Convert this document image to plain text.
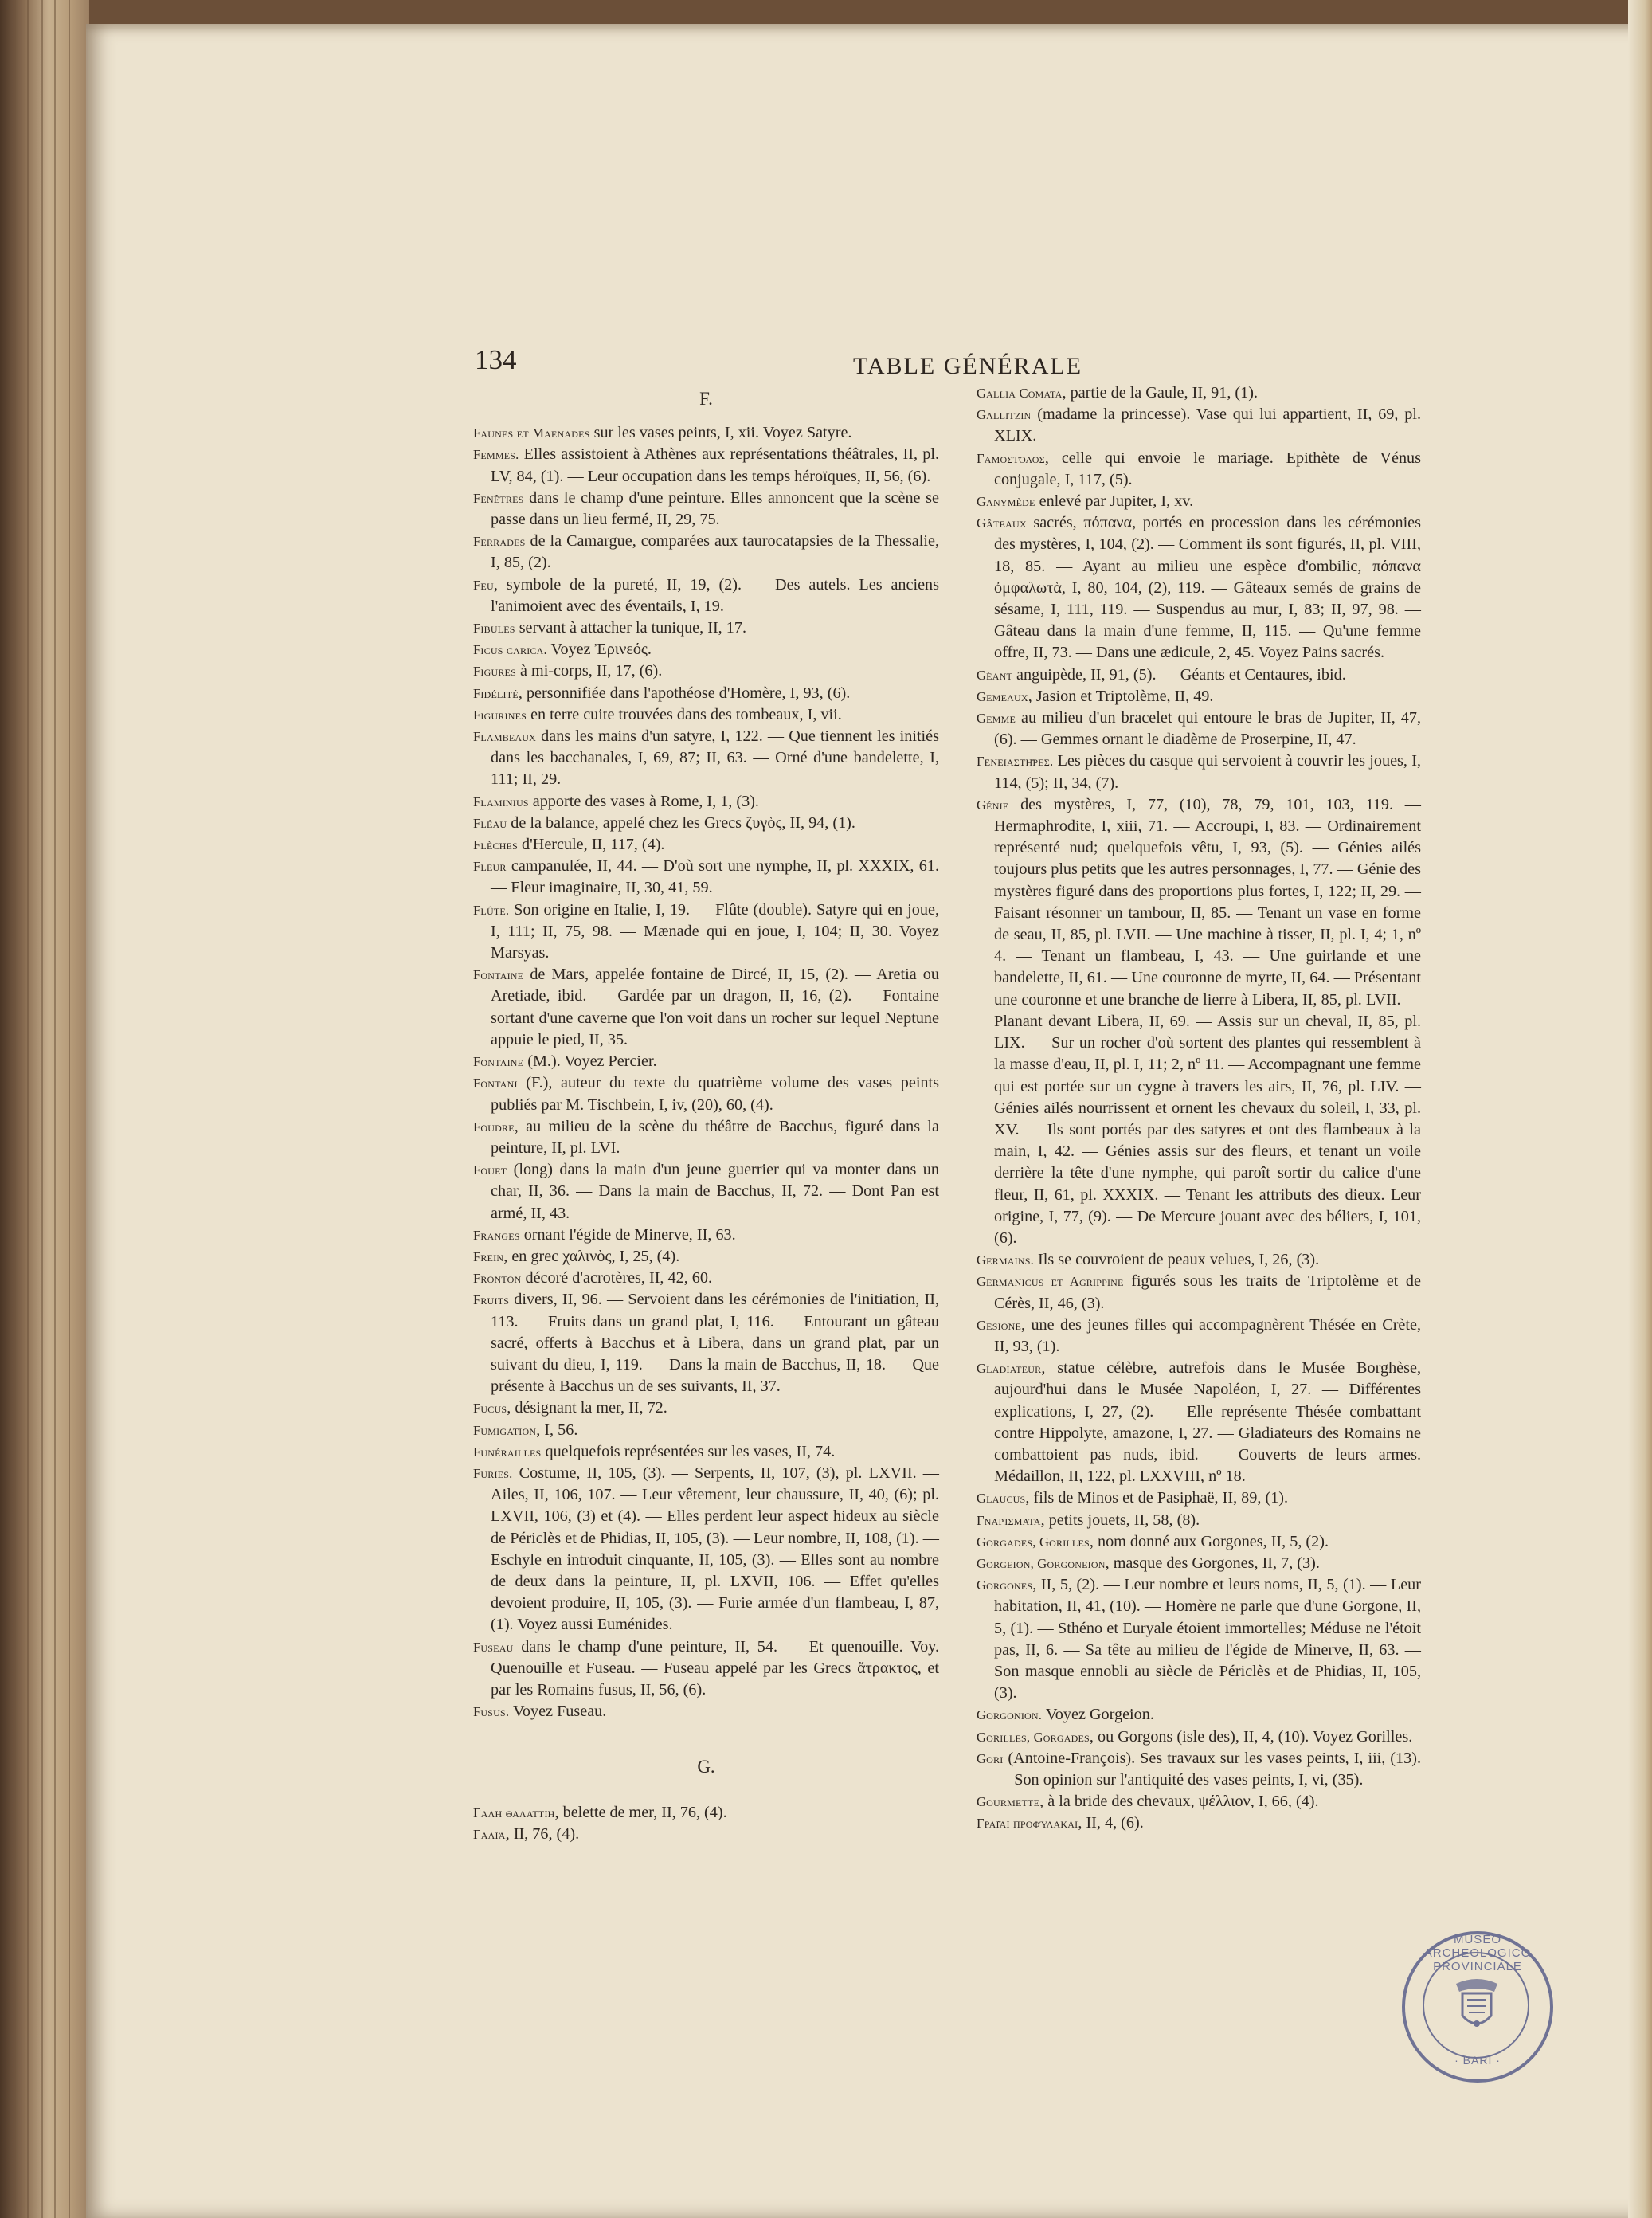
134	TABLE GÉNÉRALE
F.

Faunes et Maenades sur les vases peints, I, xii. Voyez Satyre.

Femmes. Elles assistoient à Athènes aux représentations théâtrales, II, pl. LV, 84, (1). — Leur occupation dans les temps héroïques, II, 56, (6).

Fenêtres dans le champ d'une peinture. Elles annoncent que la scène se passe dans un lieu fermé, II, 29, 75.

Ferrades de la Camargue, comparées aux taurocatapsies de la Thessalie, I, 85, (2).

Feu, symbole de la pureté, II, 19, (2). — Des autels. Les anciens l'animoient avec des éventails, I, 19.

Fibules servant à attacher la tunique, II, 17.

Ficus carica. Voyez Ἐρινεός.

Figures à mi-corps, II, 17, (6).

Fidélité, personnifiée dans l'apothéose d'Homère, I, 93, (6).

Figurines en terre cuite trouvées dans des tombeaux, I, vii.

Flambeaux dans les mains d'un satyre, I, 122. — Que tiennent les initiés dans les bacchanales, I, 69, 87; II, 63. — Orné d'une bandelette, I, 111; II, 29.

Flaminius apporte des vases à Rome, I, 1, (3).

Fléau de la balance, appelé chez les Grecs ζυγὸς, II, 94, (1).

Flèches d'Hercule, II, 117, (4).

Fleur campanulée, II, 44. — D'où sort une nymphe, II, pl. XXXIX, 61. — Fleur imaginaire, II, 30, 41, 59.

Flûte. Son origine en Italie, I, 19. — Flûte (double). Satyre qui en joue, I, 111; II, 75, 98. — Mænade qui en joue, I, 104; II, 30. Voyez Marsyas.

Fontaine de Mars, appelée fontaine de Dircé, II, 15, (2). — Aretia ou Aretiade, ibid. — Gardée par un dragon, II, 16, (2). — Fontaine sortant d'une caverne que l'on voit dans un rocher sur lequel Neptune appuie le pied, II, 35.

Fontaine (M.). Voyez Percier.

Fontani (F.), auteur du texte du quatrième volume des vases peints publiés par M. Tischbein, I, iv, (20), 60, (4).

Foudre, au milieu de la scène du théâtre de Bacchus, figuré dans la peinture, II, pl. LVI.

Fouet (long) dans la main d'un jeune guerrier qui va monter dans un char, II, 36. — Dans la main de Bacchus, II, 72. — Dont Pan est armé, II, 43.

Franges ornant l'égide de Minerve, II, 63.

Frein, en grec χαλινὸς, I, 25, (4).

Fronton décoré d'acrotères, II, 42, 60.

Fruits divers, II, 96. — Servoient dans les cérémonies de l'initiation, II, 113. — Fruits dans un grand plat, I, 116. — Entourant un gâteau sacré, offerts à Bacchus et à Libera, dans un grand plat, par un suivant du dieu, I, 119. — Dans la main de Bacchus, II, 18. — Que présente à Bacchus un de ses suivants, II, 37.

Fucus, désignant la mer, II, 72.

Fumigation, I, 56.

Funérailles quelquefois représentées sur les vases, II, 74.

Furies. Costume, II, 105, (3). — Serpents, II, 107, (3), pl. LXVII. — Ailes, II, 106, 107. — Leur vêtement, leur chaussure, II, 40, (6); pl. LXVII, 106, (3) et (4). — Elles perdent leur aspect hideux au siècle de Périclès et de Phidias, II, 105, (3). — Leur nombre, II, 108, (1). — Eschyle en introduit cinquante, II, 105, (3). — Elles sont au nombre de deux dans la peinture, II, pl. LXVII, 106. — Effet qu'elles devoient produire, II, 105, (3). — Furie armée d'un flambeau, I, 87, (1). Voyez aussi Euménides.

Fuseau dans le champ d'une peinture, II, 54. — Et quenouille. Voy. Quenouille et Fuseau. — Fuseau appelé par les Grecs ἄτρακτος, et par les Romains fusus, II, 56, (6).

Fusus. Voyez Fuseau.

G.

Γαλη θαλαττιη, belette de mer, II, 76, (4).

Γαλιὰ, II, 76, (4).

Gallia Comata, partie de la Gaule, II, 91, (1).

Gallitzin (madame la princesse). Vase qui lui appartient, II, 69, pl. XLIX.

Γαμοστόλος, celle qui envoie le mariage. Epithète de Vénus conjugale, I, 117, (5).

Ganymède enlevé par Jupiter, I, xv.

Gâteaux sacrés, πόπανα, portés en procession dans les cérémonies des mystères, I, 104, (2). — Comment ils sont figurés, II, pl. VIII, 18, 85. — Ayant au milieu une espèce d'ombilic, πόπανα ὀμφαλωτὰ, I, 80, 104, (2), 119. — Gâteaux semés de grains de sésame, I, 111, 119. — Suspendus au mur, I, 83; II, 97, 98. — Gâteau dans la main d'une femme, II, 115. — Qu'une femme offre, II, 73. — Dans une ædicule, 2, 45. Voyez Pains sacrés.

Géant anguipède, II, 91, (5). — Géants et Centaures, ibid.

Gemeaux, Jasion et Triptolème, II, 49.

Gemme au milieu d'un bracelet qui entoure le bras de Jupiter, II, 47, (6). — Gemmes ornant le diadème de Proserpine, II, 47.

Γενειαστῆρες. Les pièces du casque qui servoient à couvrir les joues, I, 114, (5); II, 34, (7).

Génie des mystères, I, 77, (10), 78, 79, 101, 103, 119. — Hermaphrodite, I, xiii, 71. — Accroupi, I, 83. — Ordinairement représenté nud; quelquefois vêtu, I, 93, (5). — Génies ailés toujours plus petits que les autres personnages, I, 77. — Génie des mystères figuré dans des proportions plus fortes, I, 122; II, 29. — Faisant résonner un tambour, II, 85. — Tenant un vase en forme de seau, II, 85, pl. LVII. — Une machine à tisser, II, pl. I, 4; 1, nº 4. — Tenant un flambeau, I, 43. — Une guirlande et une bandelette, II, 61. — Une couronne de myrte, II, 64. — Présentant une couronne et une branche de lierre à Libera, II, 85, pl. LVII. — Planant devant Libera, II, 69. — Assis sur un cheval, II, 85, pl. LIX. — Sur un rocher d'où sortent des plantes qui ressemblent à la masse d'eau, II, pl. I, 11; 2, nº 11. — Accompagnant une femme qui est portée sur un cygne à travers les airs, II, 76, pl. LIV. — Génies ailés nourrissent et ornent les chevaux du soleil, I, 33, pl. XV. — Ils sont portés par des satyres et ont des flambeaux à la main, I, 42. — Génies assis sur des fleurs, et tenant un voile derrière la tête d'une nymphe, qui paroît sortir du calice d'une fleur, II, 61, pl. XXXIX. — Tenant les attributs des dieux. Leur origine, I, 77, (9). — De Mercure jouant avec des béliers, I, 101, (6).

Germains. Ils se couvroient de peaux velues, I, 26, (3).

Germanicus et Agrippine figurés sous les traits de Triptolème et de Cérès, II, 46, (3).

Gesione, une des jeunes filles qui accompagnèrent Thésée en Crète, II, 93, (1).

Gladiateur, statue célèbre, autrefois dans le Musée Borghèse, aujourd'hui dans le Musée Napoléon, I, 27. — Différentes explications, I, 27, (2). — Elle représente Thésée combattant contre Hippolyte, amazone, I, 27. — Gladiateurs des Romains ne combattoient pas nuds, ibid. — Couverts de leurs armes. Médaillon, II, 122, pl. LXXVIII, nº 18.

Glaucus, fils de Minos et de Pasiphaë, II, 89, (1).

Γναρίσματα, petits jouets, II, 58, (8).

Gorgades, Gorilles, nom donné aux Gorgones, II, 5, (2).

Gorgeion, Gorgoneion, masque des Gorgones, II, 7, (3).

Gorgones, II, 5, (2). — Leur nombre et leurs noms, II, 5, (1). — Leur habitation, II, 41, (10). — Homère ne parle que d'une Gorgone, II, 5, (1). — Sthéno et Euryale étoient immortelles; Méduse ne l'étoit pas, II, 6. — Sa tête au milieu de l'égide de Minerve, II, 63. — Son masque ennobli au siècle de Périclès et de Phidias, II, 105, (3).

Gorgonion. Voyez Gorgeion.

Gorilles, Gorgades, ou Gorgons (isle des), II, 4, (10). Voyez Gorilles.

Gori (Antoine-François). Ses travaux sur les vases peints, I, iii, (13). — Son opinion sur l'antiquité des vases peints, I, vi, (35).

Gourmette, à la bride des chevaux, ψέλλιον, I, 66, (4).

Γραῖαι προφύλακαι, II, 4, (6).

MUSEO ARCHEOLOGICO PROVINCIALE
· BARI ·
